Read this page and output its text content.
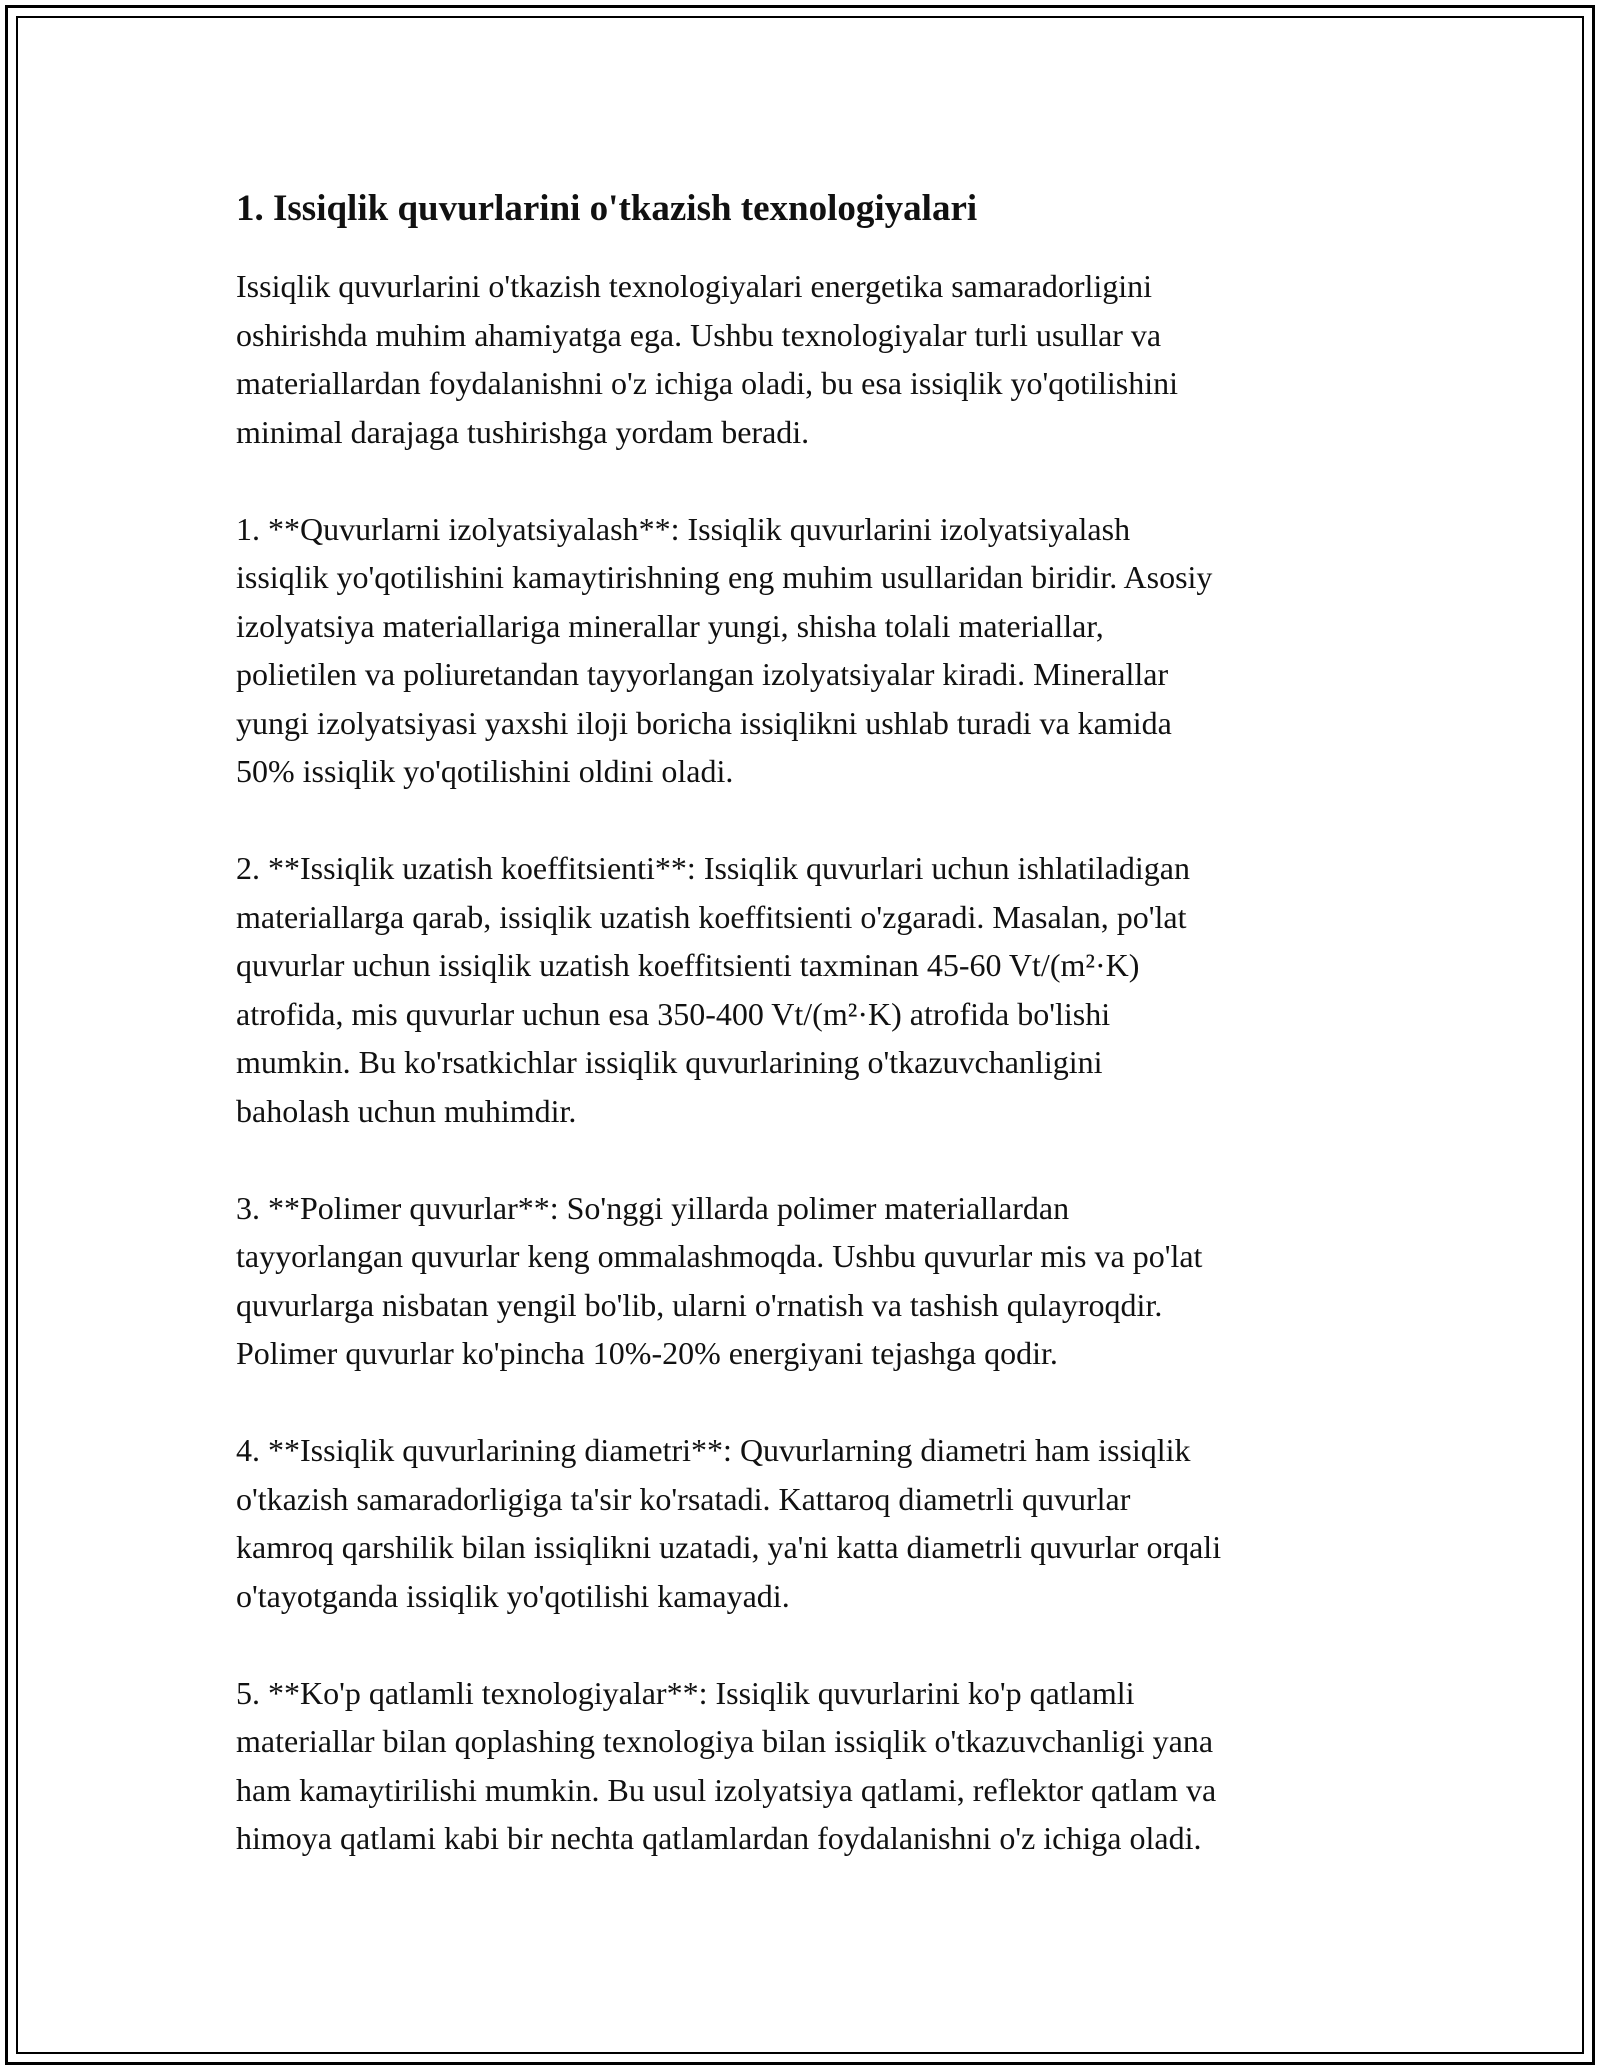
1. Issiqlik quvurlarini o'tkazish texnologiyalari

Issiqlik quvurlarini o'tkazish texnologiyalari energetika samaradorligini
oshirishda muhim ahamiyatga ega. Ushbu texnologiyalar turli usullar va
materiallardan foydalanishni o'z ichiga oladi, bu esa issiqlik yo'qotilishini
minimal darajaga tushirishga yordam beradi.

1. **Quvurlarni izolyatsiyalash**: Issiqlik quvurlarini izolyatsiyalash
issiqlik yo'qotilishini kamaytirishning eng muhim usullaridan biridir. Asosiy
izolyatsiya materiallariga minerallar yungi, shisha tolali materiallar,
polietilen va poliuretandan tayyorlangan izolyatsiyalar kiradi. Minerallar
yungi izolyatsiyasi yaxshi iloji boricha issiqlikni ushlab turadi va kamida
50% issiqlik yo'qotilishini oldini oladi.

2. **Issiqlik uzatish koeffitsienti**: Issiqlik quvurlari uchun ishlatiladigan
materiallarga qarab, issiqlik uzatish koeffitsienti o'zgaradi. Masalan, po'lat
quvurlar uchun issiqlik uzatish koeffitsienti taxminan 45-60 Vt/(m²·K)
atrofida, mis quvurlar uchun esa 350-400 Vt/(m²·K) atrofida bo'lishi
mumkin. Bu ko'rsatkichlar issiqlik quvurlarining o'tkazuvchanligini
baholash uchun muhimdir.

3. **Polimer quvurlar**: So'nggi yillarda polimer materiallardan
tayyorlangan quvurlar keng ommalashmoqda. Ushbu quvurlar mis va po'lat
quvurlarga nisbatan yengil bo'lib, ularni o'rnatish va tashish qulayroqdir.
Polimer quvurlar ko'pincha 10%-20% energiyani tejashga qodir.

4. **Issiqlik quvurlarining diametri**: Quvurlarning diametri ham issiqlik
o'tkazish samaradorligiga ta'sir ko'rsatadi. Kattaroq diametrli quvurlar
kamroq qarshilik bilan issiqlikni uzatadi, ya'ni katta diametrli quvurlar orqali
o'tayotganda issiqlik yo'qotilishi kamayadi.

5. **Ko'p qatlamli texnologiyalar**: Issiqlik quvurlarini ko'p qatlamli
materiallar bilan qoplashing texnologiya bilan issiqlik o'tkazuvchanligi yana
ham kamaytirilishi mumkin. Bu usul izolyatsiya qatlami, reflektor qatlam va
himoya qatlami kabi bir nechta qatlamlardan foydalanishni o'z ichiga oladi.
